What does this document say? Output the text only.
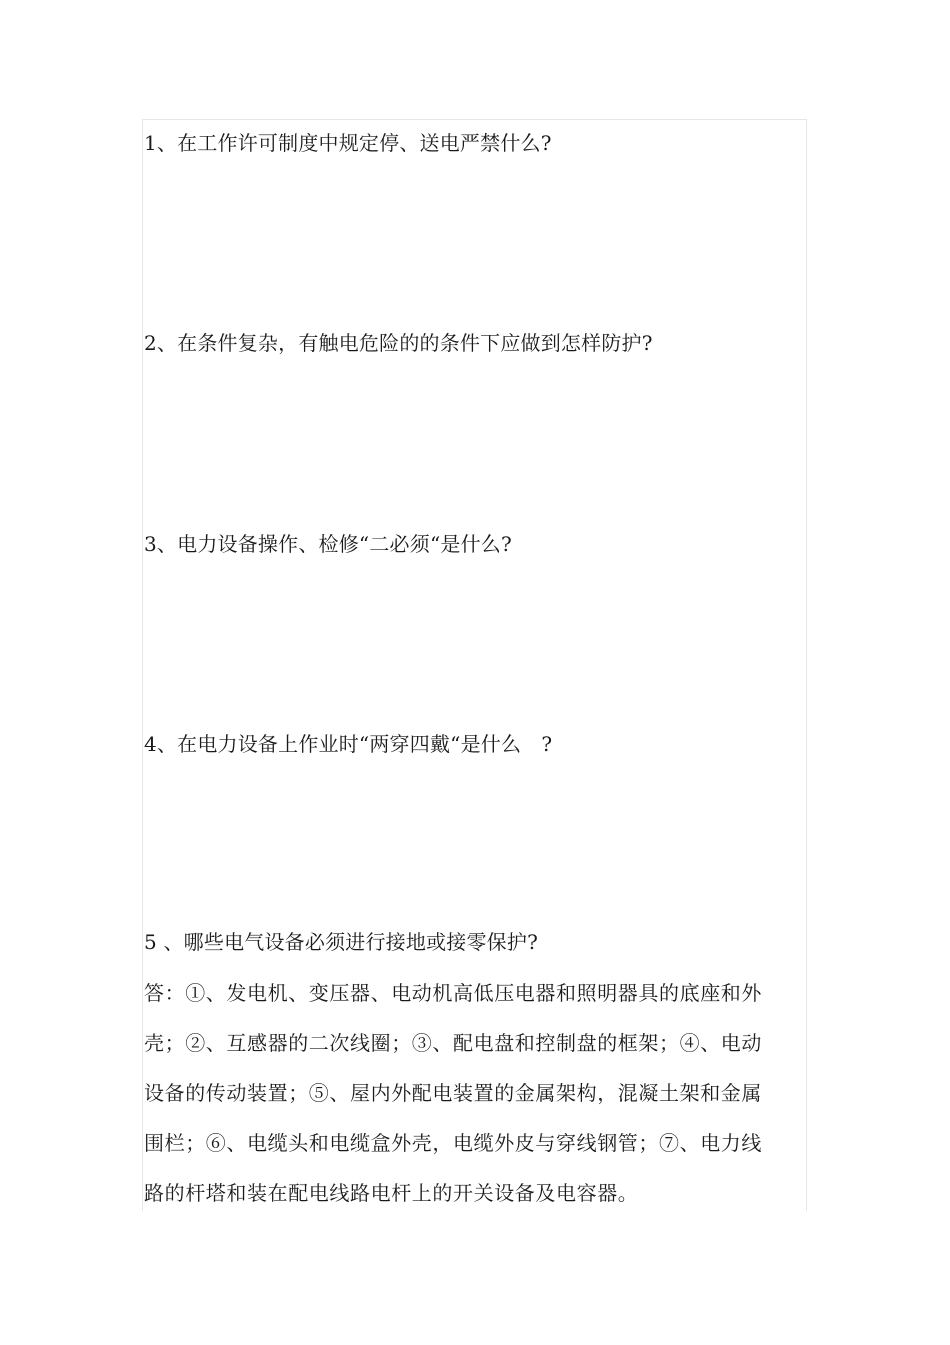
1、在工作许可制度中规定停、送电严禁什么?
2、在条件复杂，有触电危险的的条件下应做到怎样防护?
3、电力设备操作、检修“二必须“是什么?
4、在电力设备上作业时“两穿四戴“是什么　?
5 、哪些电气设备必须进行接地或接零保护?
答：①、发电机、变压器、电动机高低压电器和照明器具的底座和外
壳；②、互感器的二次线圈；③、配电盘和控制盘的框架；④、电动
设备的传动装置；⑤、屋内外配电装置的金属架构，混凝土架和金属
围栏；⑥、电缆头和电缆盒外壳，电缆外皮与穿线钢管；⑦、电力线
路的杆塔和装在配电线路电杆上的开关设备及电容器。
